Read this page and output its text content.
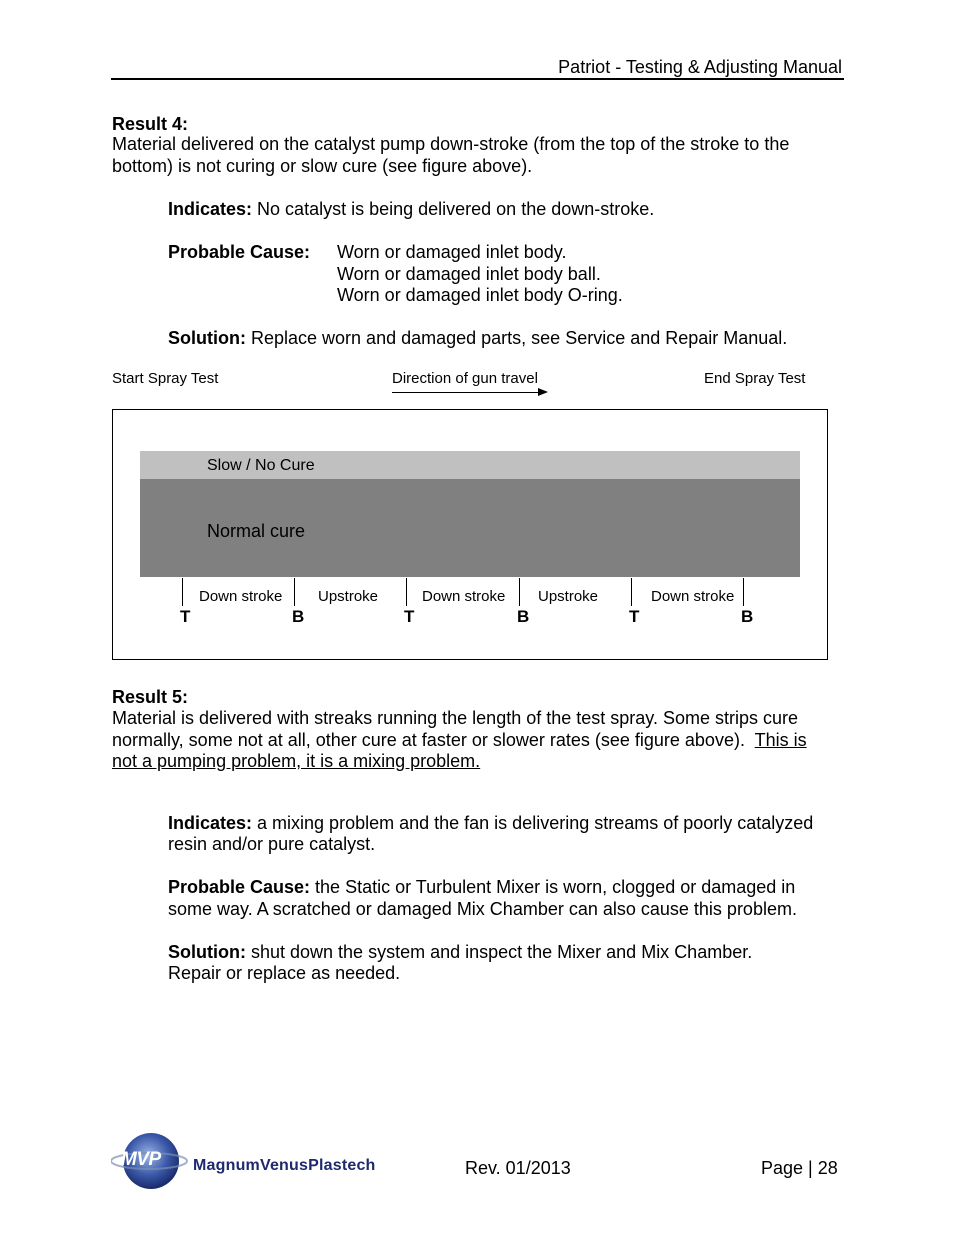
Patriot - Testing & Adjusting Manual
Result 4:
Material delivered on the catalyst pump down-stroke (from the top of the stroke to the
bottom) is not curing or slow cure (see figure above).
Indicates: No catalyst is being delivered on the down-stroke.
Probable Cause: Worn or damaged inlet body.
Worn or damaged inlet body ball.
Worn or damaged inlet body O-ring.
Solution: Replace worn and damaged parts, see Service and Repair Manual.
Start Spray Test	Direction of gun travel	End Spray Test
Slow / No Cure
Normal cure
Down stroke Upstroke	Down stroke Upstroke	Down stroke
T	B	T	B	T	B
Result 5:
Material is delivered with streaks running the length of the test spray. Some strips cure
normally, some not at all, other cure at faster or slower rates (see figure above).  This is
not a pumping problem, it is a mixing problem.
Indicates: a mixing problem and the fan is delivering streams of poorly catalyzed
resin and/or pure catalyst.
Probable Cause: the Static or Turbulent Mixer is worn, clogged or damaged in
some way. A scratched or damaged Mix Chamber can also cause this problem.
Solution: shut down the system and inspect the Mixer and Mix Chamber.
Repair or replace as needed.
MVP MagnumVenusPlastech	Rev. 01/2013	Page | 28
